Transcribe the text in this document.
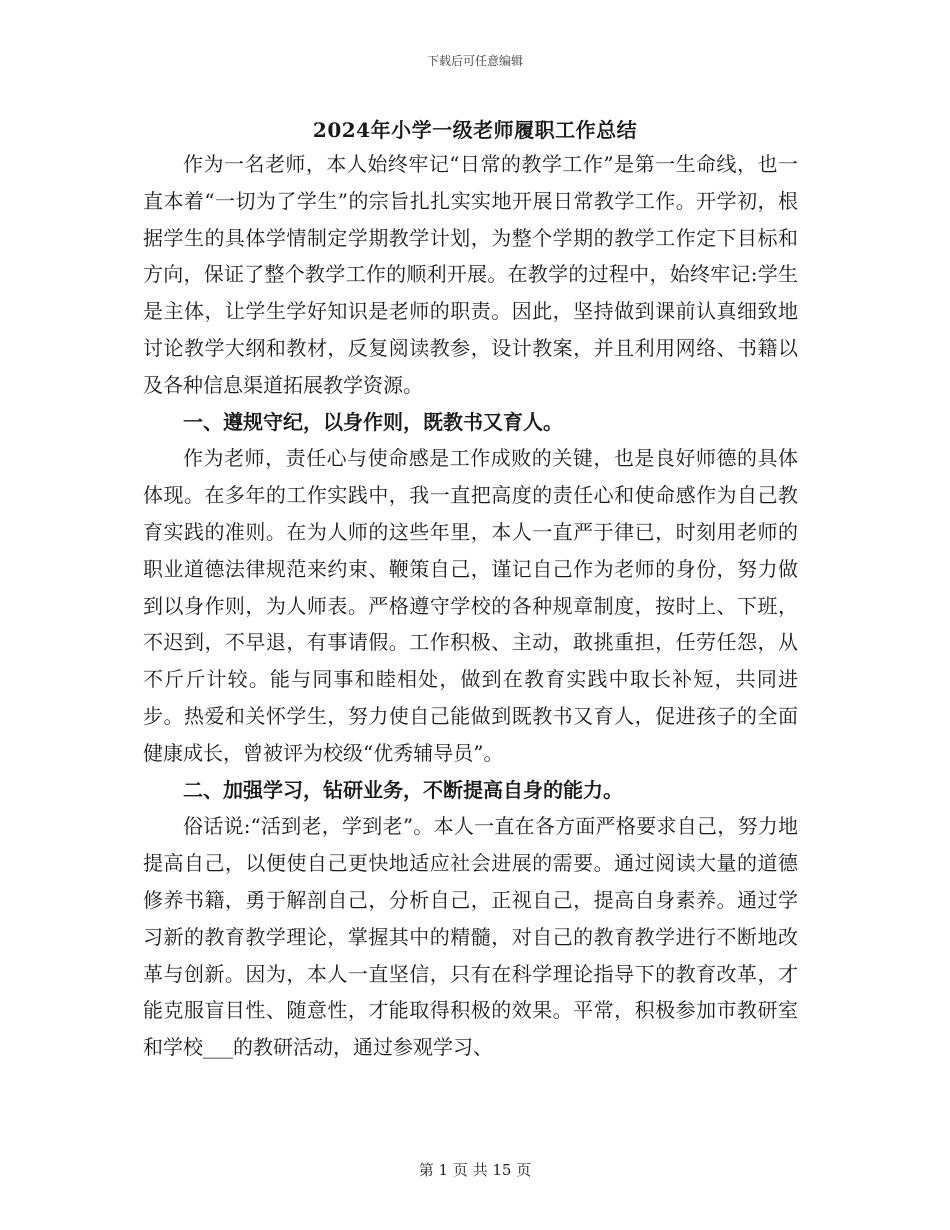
下载后可任意编辑
2024年小学一级老师履职工作总结

作为一名老师，本人始终牢记“日常的教学工作”是第一生命线，也一直本着“一切为了学生”的宗旨扎扎实实地开展日常教学工作。开学初，根据学生的具体学情制定学期教学计划，为整个学期的教学工作定下目标和方向，保证了整个教学工作的顺利开展。在教学的过程中，始终牢记:学生是主体，让学生学好知识是老师的职责。因此，坚持做到课前认真细致地讨论教学大纲和教材，反复阅读教参，设计教案，并且利用网络、书籍以及各种信息渠道拓展教学资源。

一、遵规守纪，以身作则，既教书又育人。

作为老师，责任心与使命感是工作成败的关键，也是良好师德的具体体现。在多年的工作实践中，我一直把高度的责任心和使命感作为自己教育实践的准则。在为人师的这些年里，本人一直严于律已，时刻用老师的职业道德法律规范来约束、鞭策自己，谨记自己作为老师的身份，努力做到以身作则，为人师表。严格遵守学校的各种规章制度，按时上、下班，不迟到，不早退，有事请假。工作积极、主动，敢挑重担，任劳任怨，从不斤斤计较。能与同事和睦相处，做到在教育实践中取长补短，共同进步。热爱和关怀学生，努力使自己能做到既教书又育人，促进孩子的全面健康成长，曾被评为校级“优秀辅导员”。

二、加强学习，钻研业务，不断提高自身的能力。

俗话说:“活到老，学到老”。本人一直在各方面严格要求自己，努力地提高自己，以便使自己更快地适应社会进展的需要。通过阅读大量的道德修养书籍，勇于解剖自己，分析自己，正视自己，提高自身素养。通过学习新的教育教学理论，掌握其中的精髓，对自己的教育教学进行不断地改革与创新。因为，本人一直坚信，只有在科学理论指导下的教育改革，才能克服盲目性、随意性，才能取得积极的效果。平常，积极参加市教研室和学校___的教研活动，通过参观学习、

第 1 页 共 15 页
